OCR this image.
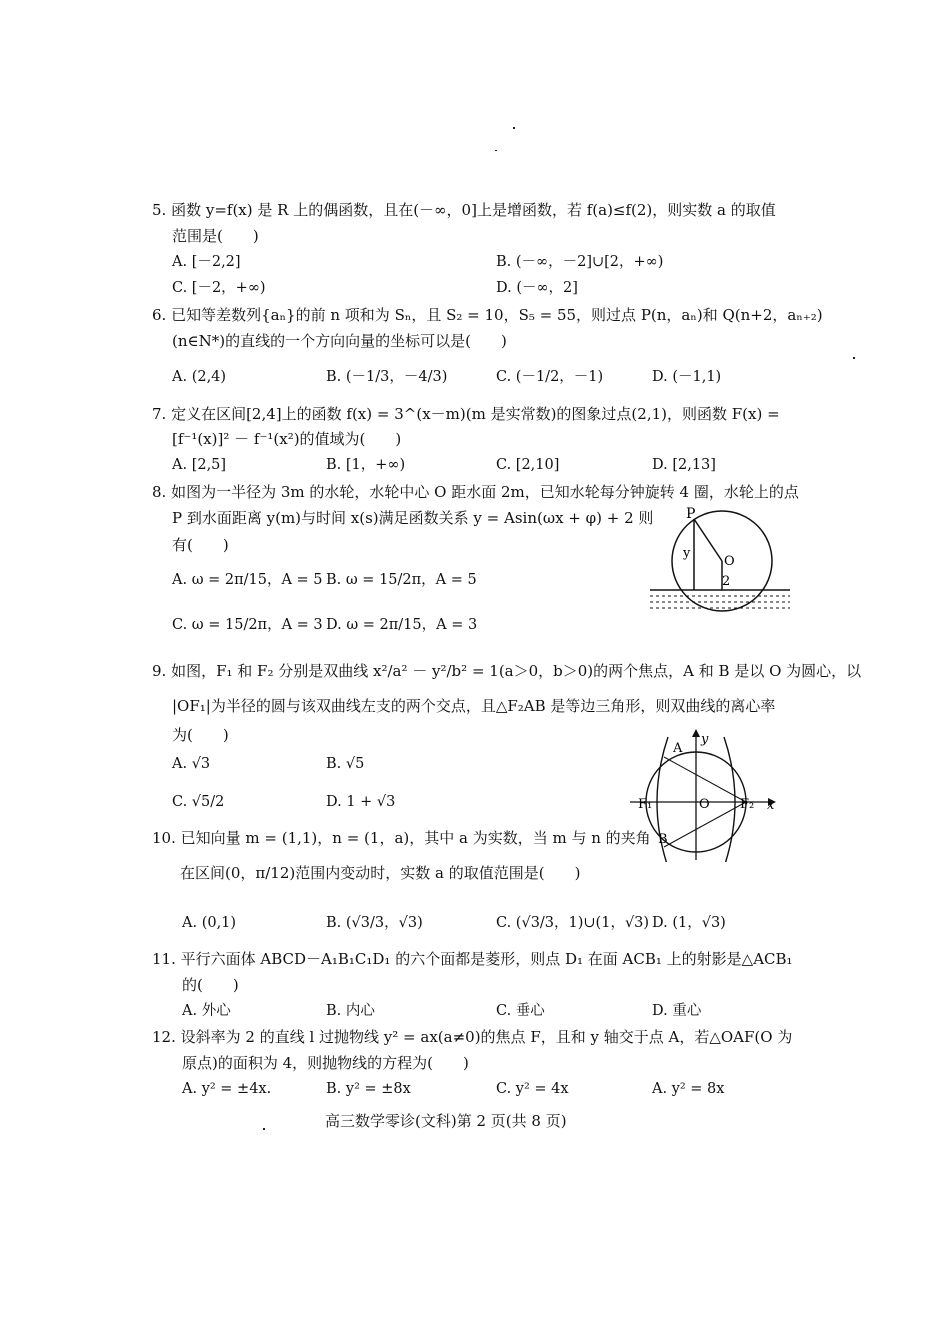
5. 函数 y=f(x) 是 R 上的偶函数，且在(－∞，0]上是增函数，若 f(a)≤f(2)，则实数 a 的取值
范围是(　　)
A. [－2,2]	B. (－∞，－2]∪[2，+∞)
C. [－2，+∞)	D. (－∞，2]
6. 已知等差数列{aₙ}的前 n 项和为 Sₙ，且 S₂ = 10，S₅ = 55，则过点 P(n，aₙ)和 Q(n+2，aₙ₊₂)
(n∈N*)的直线的一个方向向量的坐标可以是(　　)
A. (2,4)	B. (－1/3，－4/3)	C. (－1/2，－1)	D. (－1,1)
7. 定义在区间[2,4]上的函数 f(x) = 3^(x－m)(m 是实常数)的图象过点(2,1)，则函数 F(x) =
[f⁻¹(x)]² － f⁻¹(x²)的值域为(　　)
A. [2,5]	B. [1，+∞)	C. [2,10]	D. [2,13]
8. 如图为一半径为 3m 的水轮，水轮中心 O 距水面 2m，已知水轮每分钟旋转 4 圈，水轮上的点
P 到水面距离 y(m)与时间 x(s)满足函数关系 y = Asin(ωx + φ) + 2 则
有(　　)
A. ω = 2π/15，A = 5 B. ω = 15/2π，A = 5
C. ω = 15/2π，A = 3 D. ω = 2π/15，A = 3
P
y
O
2
9. 如图，F₁ 和 F₂ 分别是双曲线 x²/a² － y²/b² = 1(a＞0，b＞0)的两个焦点，A 和 B 是以 O 为圆心，以
|OF₁|为半径的圆与该双曲线左支的两个交点，且△F₂AB 是等边三角形，则双曲线的离心率
为(　　)
A. √3	B. √5
C. √5/2	D. 1 + √3
A
B
y
x
O
F₁	F₂
10. 已知向量 m = (1,1)，n = (1，a)，其中 a 为实数，当 m 与 n 的夹角
在区间(0，π/12)范围内变动时，实数 a 的取值范围是(　　)
A. (0,1)	B. (√3/3，√3)	C. (√3/3，1)∪(1，√3) D. (1，√3)
11. 平行六面体 ABCD－A₁B₁C₁D₁ 的六个面都是菱形，则点 D₁ 在面 ACB₁ 上的射影是△ACB₁
的(　　)
A. 外心	B. 内心	C. 垂心	D. 重心
12. 设斜率为 2 的直线 l 过抛物线 y² = ax(a≠0)的焦点 F，且和 y 轴交于点 A，若△OAF(O 为
原点)的面积为 4，则抛物线的方程为(　　)
A. y² = ±4x.	B. y² = ±8x	C. y² = 4x	A. y² = 8x
高三数学零诊(文科)第 2 页(共 8 页)
